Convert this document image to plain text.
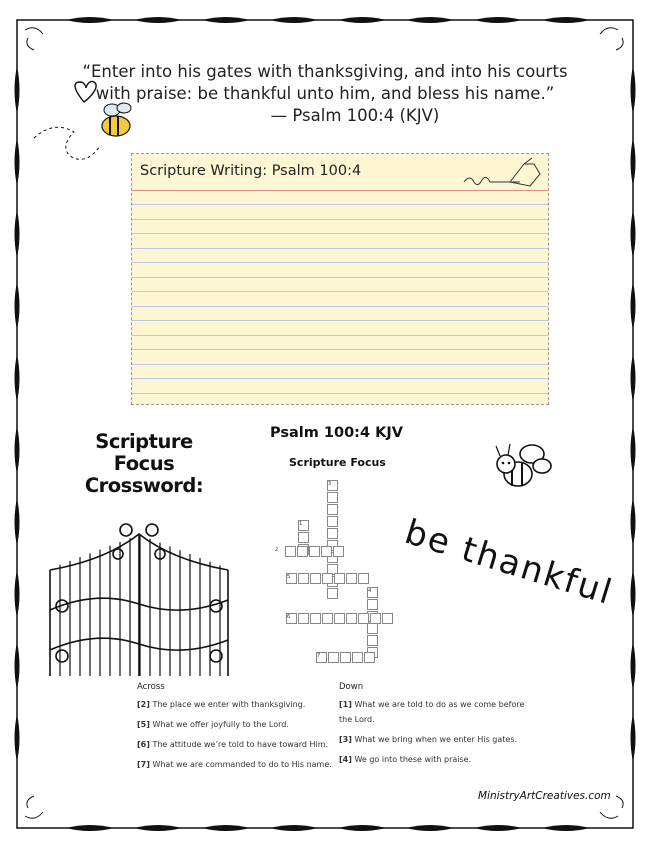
“Enter into his gates with thanksgiving, and into his courts
with praise: be thankful unto him, and bless his name.”
— Psalm 100:4 (KJV)
Scripture Writing: Psalm 100:4
Scripture
Focus
Crossword:
Psalm 100:4 KJV
Scripture Focus
1
2
3
4
5
6
7
be thankful
Across
[2] The place we enter with thanksgiving.
[5] What we offer joyfully to the Lord.
[6] The attitude we’re told to have toward Him.
[7] What we are commanded to do to His name.
Down
[1] What we are told to do as we come before the Lord.
[3] What we bring when we enter His gates.
[4] We go into these with praise.
MinistryArtCreatives.com
